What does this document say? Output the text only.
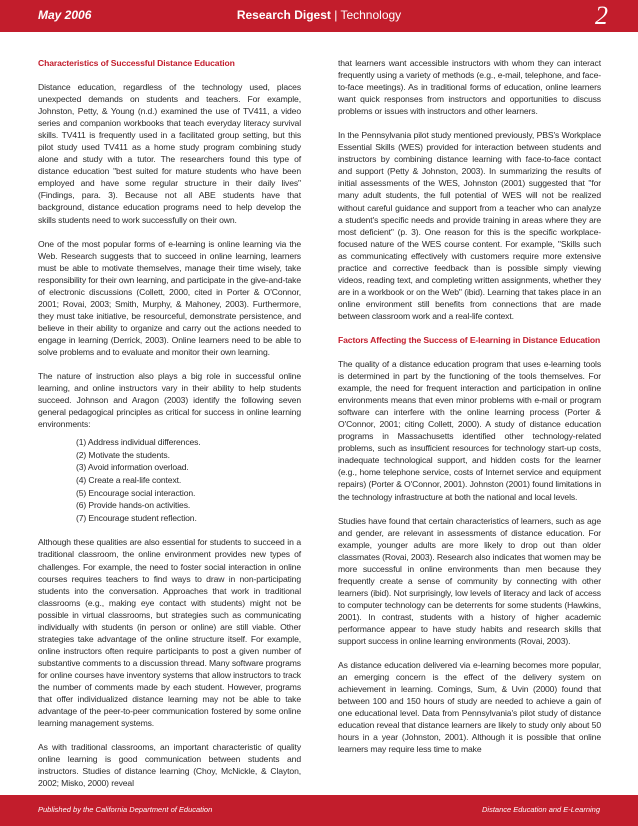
May 2006	Research Digest | Technology	2
Characteristics of Successful Distance Education

Distance education, regardless of the technology used, places unexpected demands on students and teachers. For example, Johnston, Petty, & Young (n.d.) examined the use of TV411, a video series and companion workbooks that teach everyday literacy survival skills. TV411 is frequently used in a facilitated group setting, but this pilot study used TV411 as a home study program combining study alone and study with a tutor. The researchers found this type of distance education "best suited for mature students who have been employed and have some regular structure in their daily lives" (Findings, para. 3). Because not all ABE students have that background, distance education programs need to help develop the skills students need to work successfully on their own.

One of the most popular forms of e-learning is online learning via the Web. Research suggests that to succeed in online learning, learners must be able to motivate themselves, manage their time wisely, take responsibility for their own learning, and participate in the give-and-take of electronic discussions (Collett, 2000, cited in Porter & O'Connor, 2001; Rovai, 2003; Smith, Murphy, & Mahoney, 2003). Furthermore, they must take initiative, be resourceful, demonstrate persistence, and believe in their ability to organize and carry out the actions needed to engage in learning (Derrick, 2003). Online learners need to be able to solve problems and to evaluate and monitor their own learning.

The nature of instruction also plays a big role in successful online learning, and online instructors vary in their ability to help students succeed. Johnson and Aragon (2003) identify the following seven general pedagogical principles as critical for success in online learning environments:

(1) Address individual differences.
(2) Motivate the students.
(3) Avoid information overload.
(4) Create a real-life context.
(5) Encourage social interaction.
(6) Provide hands-on activities.
(7) Encourage student reflection.

Although these qualities are also essential for students to succeed in a traditional classroom, the online environment provides new types of challenges. For example, the need to foster social interaction in online courses requires teachers to find ways to draw in non-participating students into the conversation. Approaches that work in traditional classrooms (e.g., making eye contact with students) might not be possible in virtual classrooms, but strategies such as communicating individually with students (in person or online) are still viable. Other strategies take advantage of the online structure itself. For example, online instructors often require participants to post a given number of substantive comments to a discussion thread. Many software programs for online courses have inventory systems that allow instructors to track the number of comments made by each student. However, programs that offer individualized distance learning may not be able to take advantage of the peer-to-peer communication fostered by some online learning management systems.

As with traditional classrooms, an important characteristic of quality online learning is good communication between students and instructors. Studies of distance learning (Choy, McNickle, & Clayton, 2002; Misko, 2000) reveal

that learners want accessible instructors with whom they can interact frequently using a variety of methods (e.g., e-mail, telephone, and face-to-face meetings). As in traditional forms of education, online learners want quick responses from instructors and opportunities to discuss problems or issues with instructors and other learners.

In the Pennsylvania pilot study mentioned previously, PBS's Workplace Essential Skills (WES) provided for interaction between students and instructors by combining distance learning with face-to-face contact and support (Petty & Johnston, 2003). In summarizing the results of initial assessments of the WES, Johnston (2001) suggested that "for many adult students, the full potential of WES will not be realized without careful guidance and support from a teacher who can analyze a student's specific needs and provide training in areas where they are most deficient" (p. 3). One reason for this is the specific workplace-focused nature of the WES course content. For example, "Skills such as communicating effectively with customers require more extensive practice and corrective feedback than is possible simply viewing videos, reading text, and completing written assignments, whether they are in a workbook or on the Web" (ibid). Learning that takes place in an online environment still benefits from connections that are made between classroom work and a real-life context.

Factors Affecting the Success of E-learning in Distance Education

The quality of a distance education program that uses e-learning tools is determined in part by the functioning of the tools themselves. For example, the need for frequent interaction and participation in online environments means that even minor problems with e-mail or program software can interfere with the online learning process (Porter & O'Connor, 2001; citing Collett, 2000). A study of distance education programs in Massachusetts identified other technology-related problems, such as insufficient resources for technology start-up costs, inadequate technological support, and hidden costs for the learner (e.g., home telephone service, costs of Internet service and equipment repairs) (Porter & O'Connor, 2001). Johnston (2001) found limitations in the technology infrastructure at both the national and local levels.

Studies have found that certain characteristics of learners, such as age and gender, are relevant in assessments of distance education. For example, younger adults are more likely to drop out than older classmates (Rovai, 2003). Research also indicates that women may be more successful in online environments than men because they frequently create a sense of community by connecting with other learners (ibid). Not surprisingly, low levels of literacy and lack of access to computer technology can be deterrents for some students (Hawkins, 2001). In contrast, students with a history of higher academic performance appear to have study habits and research skills that support success in online learning environments (Rovai, 2003).

As distance education delivered via e-learning becomes more popular, an emerging concern is the effect of the delivery system on achievement in learning. Comings, Sum, & Uvin (2000) found that between 100 and 150 hours of study are needed to achieve a gain of one educational level. Data from Pennsylvania's pilot study of distance education reveal that distance learners are likely to study only about 50 hours in a year (Johnston, 2001). Although it is possible that online learners may require less time to make

Published by the California Department of Education	Distance Education and E-Learning
